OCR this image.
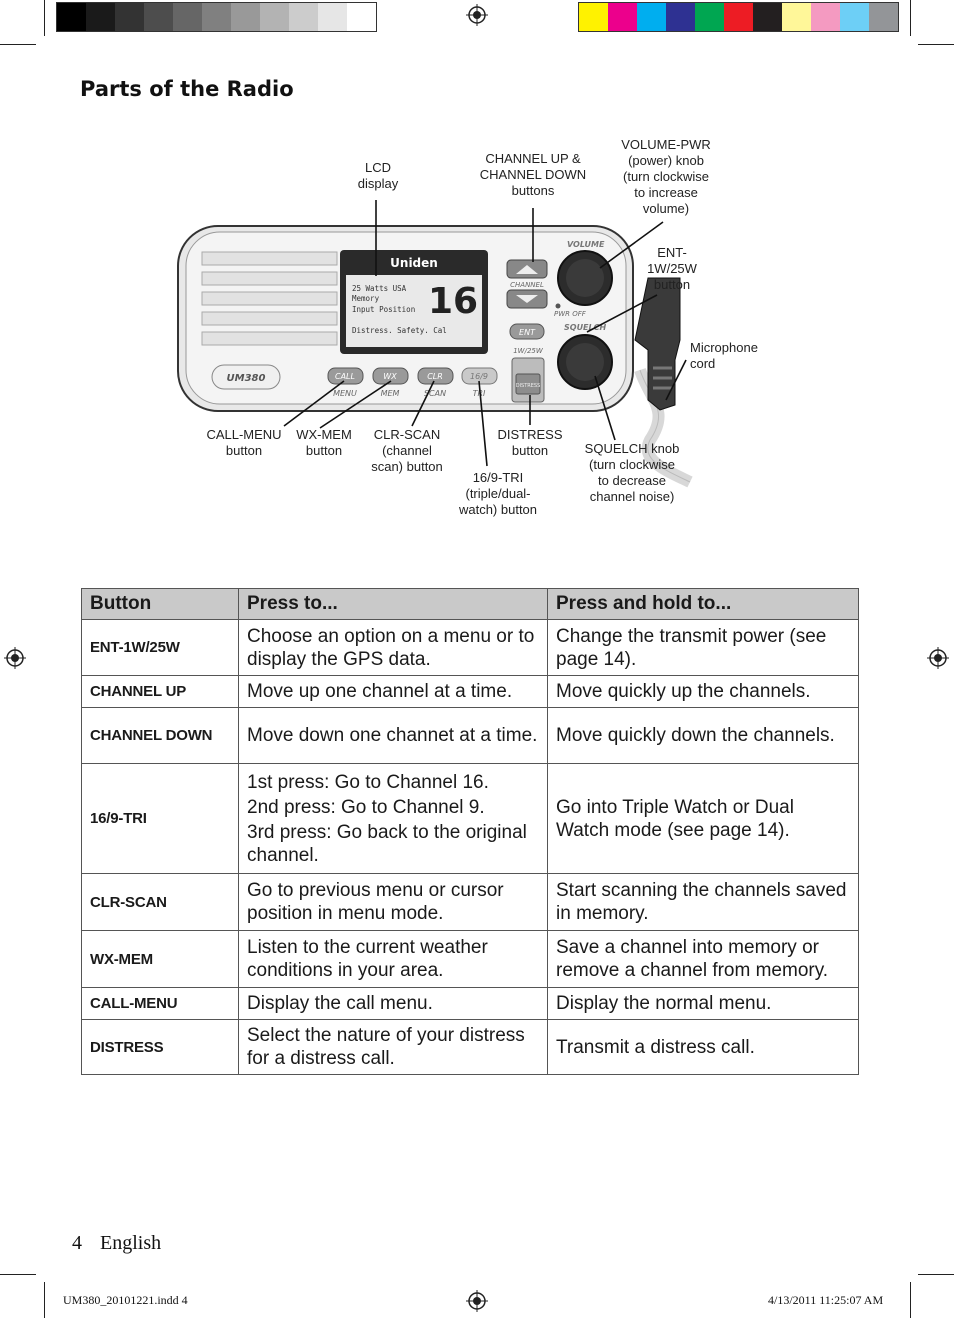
Parts of the Radio
Uniden
25 Watts USA
Memory
Input Position
Distress. Safety. Cal
16
UM380	CALL
MENU
WX
MEM
CLR
SCAN
16/9
TRI
CHANNEL
ENT
1W/25W
DISTRESS
VOLUME
PWR OFF
SQUELCH
LCD
display
CHANNEL UP &
CHANNEL DOWN
buttons
VOLUME-PWR
(power) knob
(turn clockwise
to increase
volume)
ENT-
1W/25W
button
Microphone
cord
CALL-MENU
button
WX-MEM
button
CLR-SCAN
(channel
scan) button
DISTRESS
button
16/9-TRI
(triple/dual-
watch) button
SQUELCH knob
(turn clockwise
to decrease
channel noise)
Button	Press to...	Press and hold to...
ENT-1W/25W	Choose an option on a menu or to display the GPS data.	Change the transmit power (see page 14).
CHANNEL UP	Move up one channel at a time.	Move quickly up the channels.
CHANNEL DOWN	Move down one channet at a time.	Move quickly down the channels.
16/9-TRI	1st press: Go to Channel 16.
2nd press: Go to Channel 9.
3rd press: Go back to the original channel.	Go into Triple Watch or Dual Watch mode (see page 14).
CLR-SCAN	Go to previous menu or cursor position in menu mode.	Start scanning the channels saved in memory.
WX-MEM	Listen to the current weather conditions in your area.	Save a channel into memory or remove a channel from memory.
CALL-MENU	Display the call menu.	Display the normal menu.
DISTRESS	Select the nature of your distress for a distress call.	Transmit a distress call.
4 English
UM380_20101221.indd 4	4/13/2011 11:25:07 AM
